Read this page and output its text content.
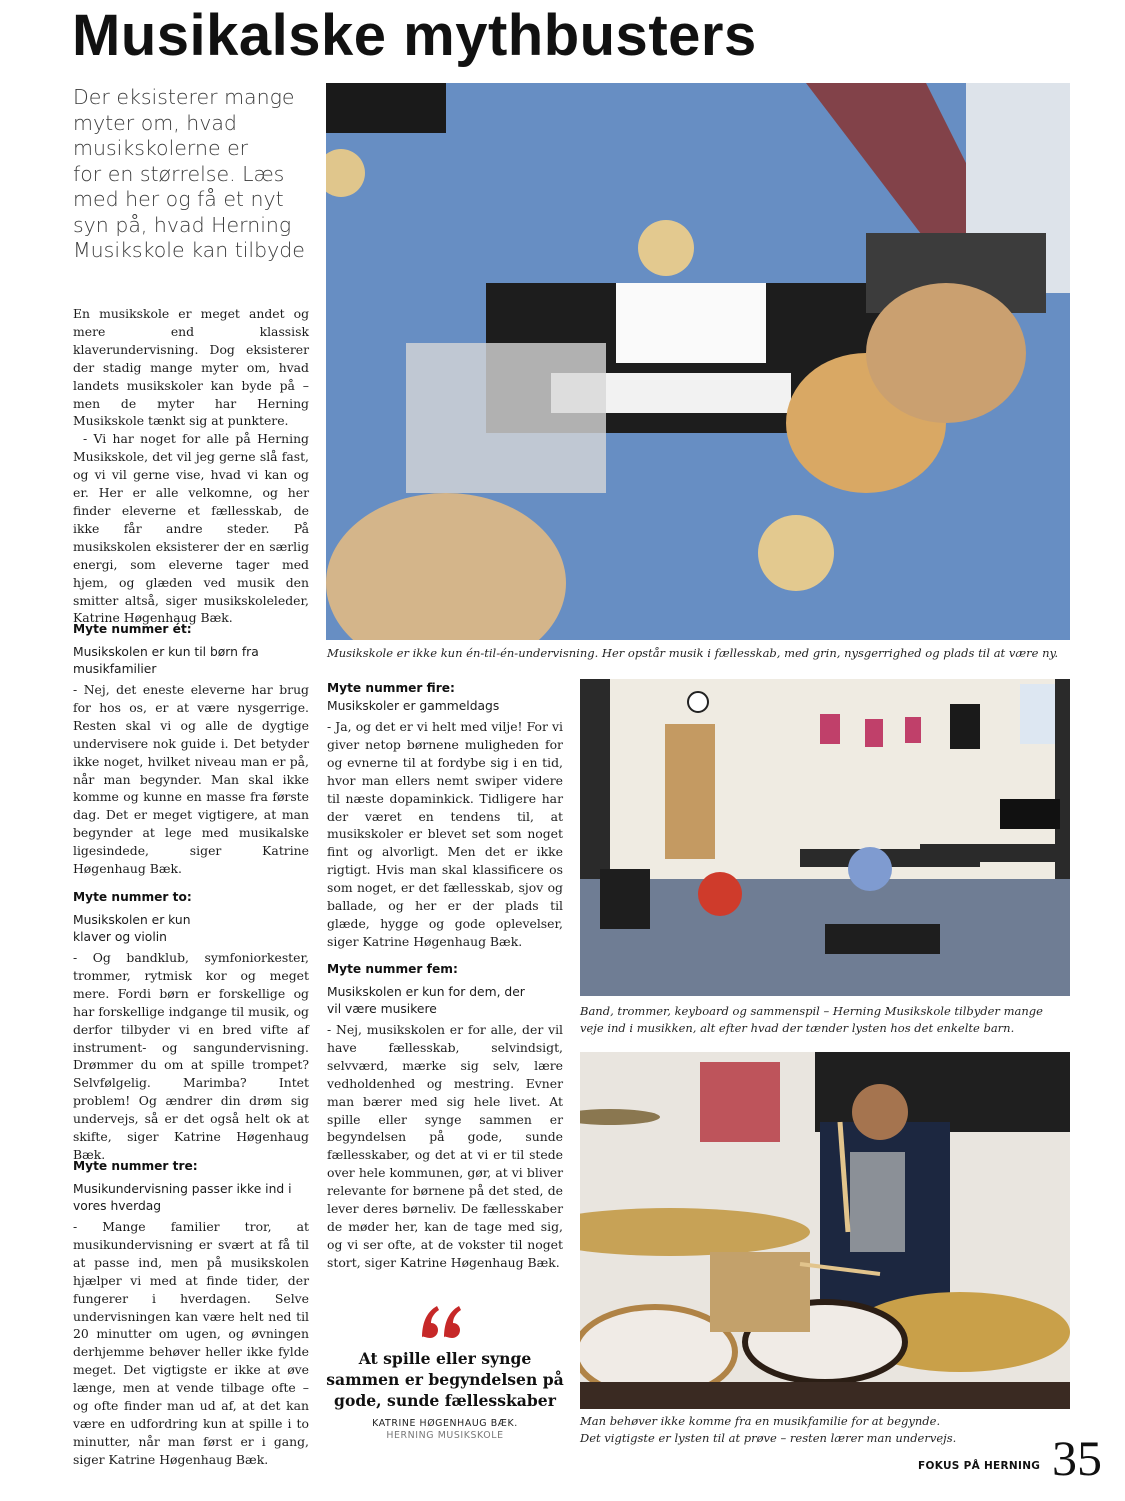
Musikalske mythbusters
Der eksisterer mange
myter om, hvad
musikskolerne er
for en størrelse. Læs
med her og få et nyt
syn på, hvad Herning
Musikskole kan tilbyde

En musikskole er meget andet og mere end klassisk klaverundervisning. Dog eksisterer der stadig mange myter om, hvad landets musikskoler kan byde på – men de myter har Herning Musikskole tænkt sig at punktere.

- Vi har noget for alle på Herning Musikskole, det vil jeg gerne slå fast, og vi vil gerne vise, hvad vi kan og er. Her er alle velkomne, og her finder eleverne et fællesskab, de ikke får andre steder. På musikskolen eksisterer der en særlig energi, som eleverne tager med hjem, og glæden ved musik den smitter altså, siger musikskoleleder, Katrine Høgenhaug Bæk.

Myte nummer ét:
Musikskolen er kun til børn fra musikfamilier
- Nej, det eneste eleverne har brug for hos os, er at være nysgerrige. Resten skal vi og alle de dygtige undervisere nok guide i. Det betyder ikke noget, hvilket niveau man er på, når man begynder. Man skal ikke komme og kunne en masse fra første dag. Det er meget vigtigere, at man begynder at lege med musikalske ligesindede, siger Katrine Høgenhaug Bæk.
Myte nummer to:
Musikskolen er kun klaver og violin
- Og bandklub, symfoniorkester, trommer, rytmisk kor og meget mere. Fordi børn er forskellige og har forskellige indgange til musik, og derfor tilbyder vi en bred vifte af instrument- og sangundervisning. Drømmer du om at spille trompet? Selvfølgelig. Marimba? Intet problem! Og ændrer din drøm sig undervejs, så er det også helt ok at skifte, siger Katrine Høgenhaug Bæk.
Myte nummer tre:
Musikundervisning passer ikke ind i vores hverdag
- Mange familier tror, at musikundervisning er svært at få til at passe ind, men på musikskolen hjælper vi med at finde tider, der fungerer i hverdagen. Selve undervisningen kan være helt ned til 20 minutter om ugen, og øvningen derhjemme behøver heller ikke fylde meget. Det vigtigste er ikke at øve længe, men at vende tilbage ofte – og ofte finder man ud af, at det kan være en udfordring kun at spille i to minutter, når man først er i gang, siger Katrine Høgenhaug Bæk.
Myte nummer fire:
Musikskoler er gammeldags
- Ja, og det er vi helt med vilje! For vi giver netop børnene muligheden for og evnerne til at fordybe sig i en tid, hvor man ellers nemt swiper videre til næste dopaminkick. Tidligere har der været en tendens til, at musikskoler er blevet set som noget fint og alvorligt. Men det er ikke rigtigt. Hvis man skal klassificere os som noget, er det fællesskab, sjov og ballade, og her er der plads til glæde, hygge og gode oplevelser, siger Katrine Høgenhaug Bæk.
Myte nummer fem:
Musikskolen er kun for dem, der vil være musikere
- Nej, musikskolen er for alle, der vil have fællesskab, selvindsigt, selvværd, mærke sig selv, lære vedholdenhed og mestring. Evner man bærer med sig hele livet. At spille eller synge sammen er begyndelsen på gode, sunde fællesskaber, og det at vi er til stede over hele kommunen, gør, at vi bliver relevante for børnene på det sted, de lever deres børneliv. De fællesskaber de møder her, kan de tage med sig, og vi ser ofte, at de vokster til noget stort, siger Katrine Høgenhaug Bæk.
Musikskole er ikke kun én-til-én-undervisning. Her opstår musik i fællesskab, med grin, nysgerrighed og plads til at være ny.
Band, trommer, keyboard og sammenspil – Herning Musikskole tilbyder mange veje ind i musikken, alt efter hvad der tænder lysten hos det enkelte barn.
Man behøver ikke komme fra en musikfamilie for at begynde.
Det vigtigste er lysten til at prøve – resten lærer man undervejs.
At spille eller synge sammen er begyndelsen på gode, sunde fællesskaber
KATRINE HØGENHAUG BÆK.
HERNING MUSIKSKOLE
FOKUS PÅ HERNING 35
